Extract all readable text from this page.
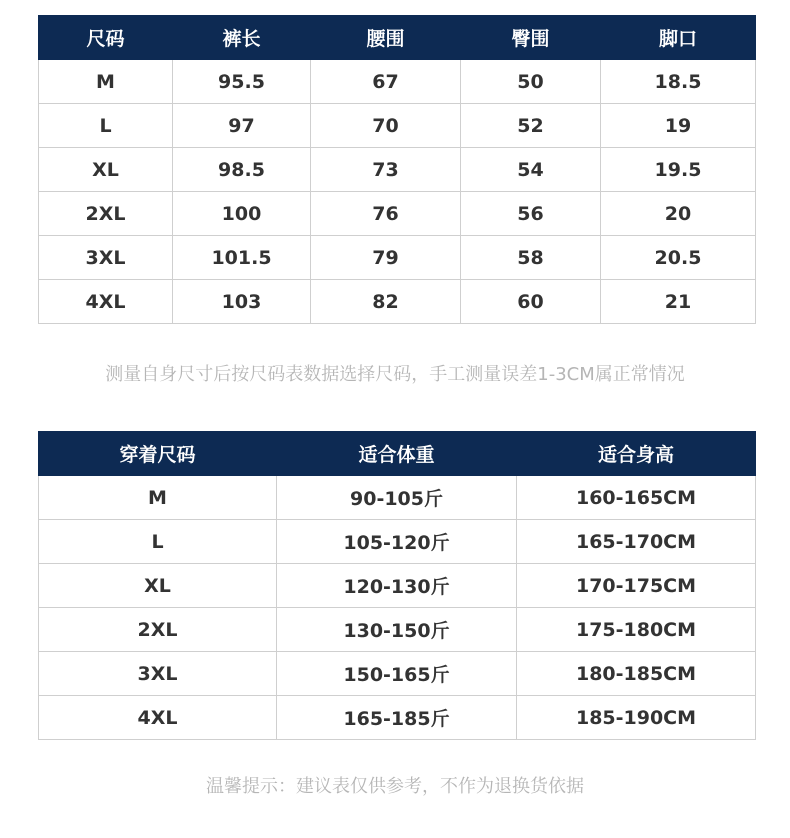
尺码	裤长	腰围	臀围	脚口
M	95.5	67	50	18.5
L	97	70	52	19
XL	98.5	73	54	19.5
2XL	100	76	56	20
3XL	101.5	79	58	20.5
4XL	103	82	60	21
测量自身尺寸后按尺码表数据选择尺码，手工测量误差1-3CM属正常情况
穿着尺码	适合体重	适合身高
M	90-105斤	160-165CM
L	105-120斤	165-170CM
XL	120-130斤	170-175CM
2XL	130-150斤	175-180CM
3XL	150-165斤	180-185CM
4XL	165-185斤	185-190CM
温馨提示：建议表仅供参考，不作为退换货依据
